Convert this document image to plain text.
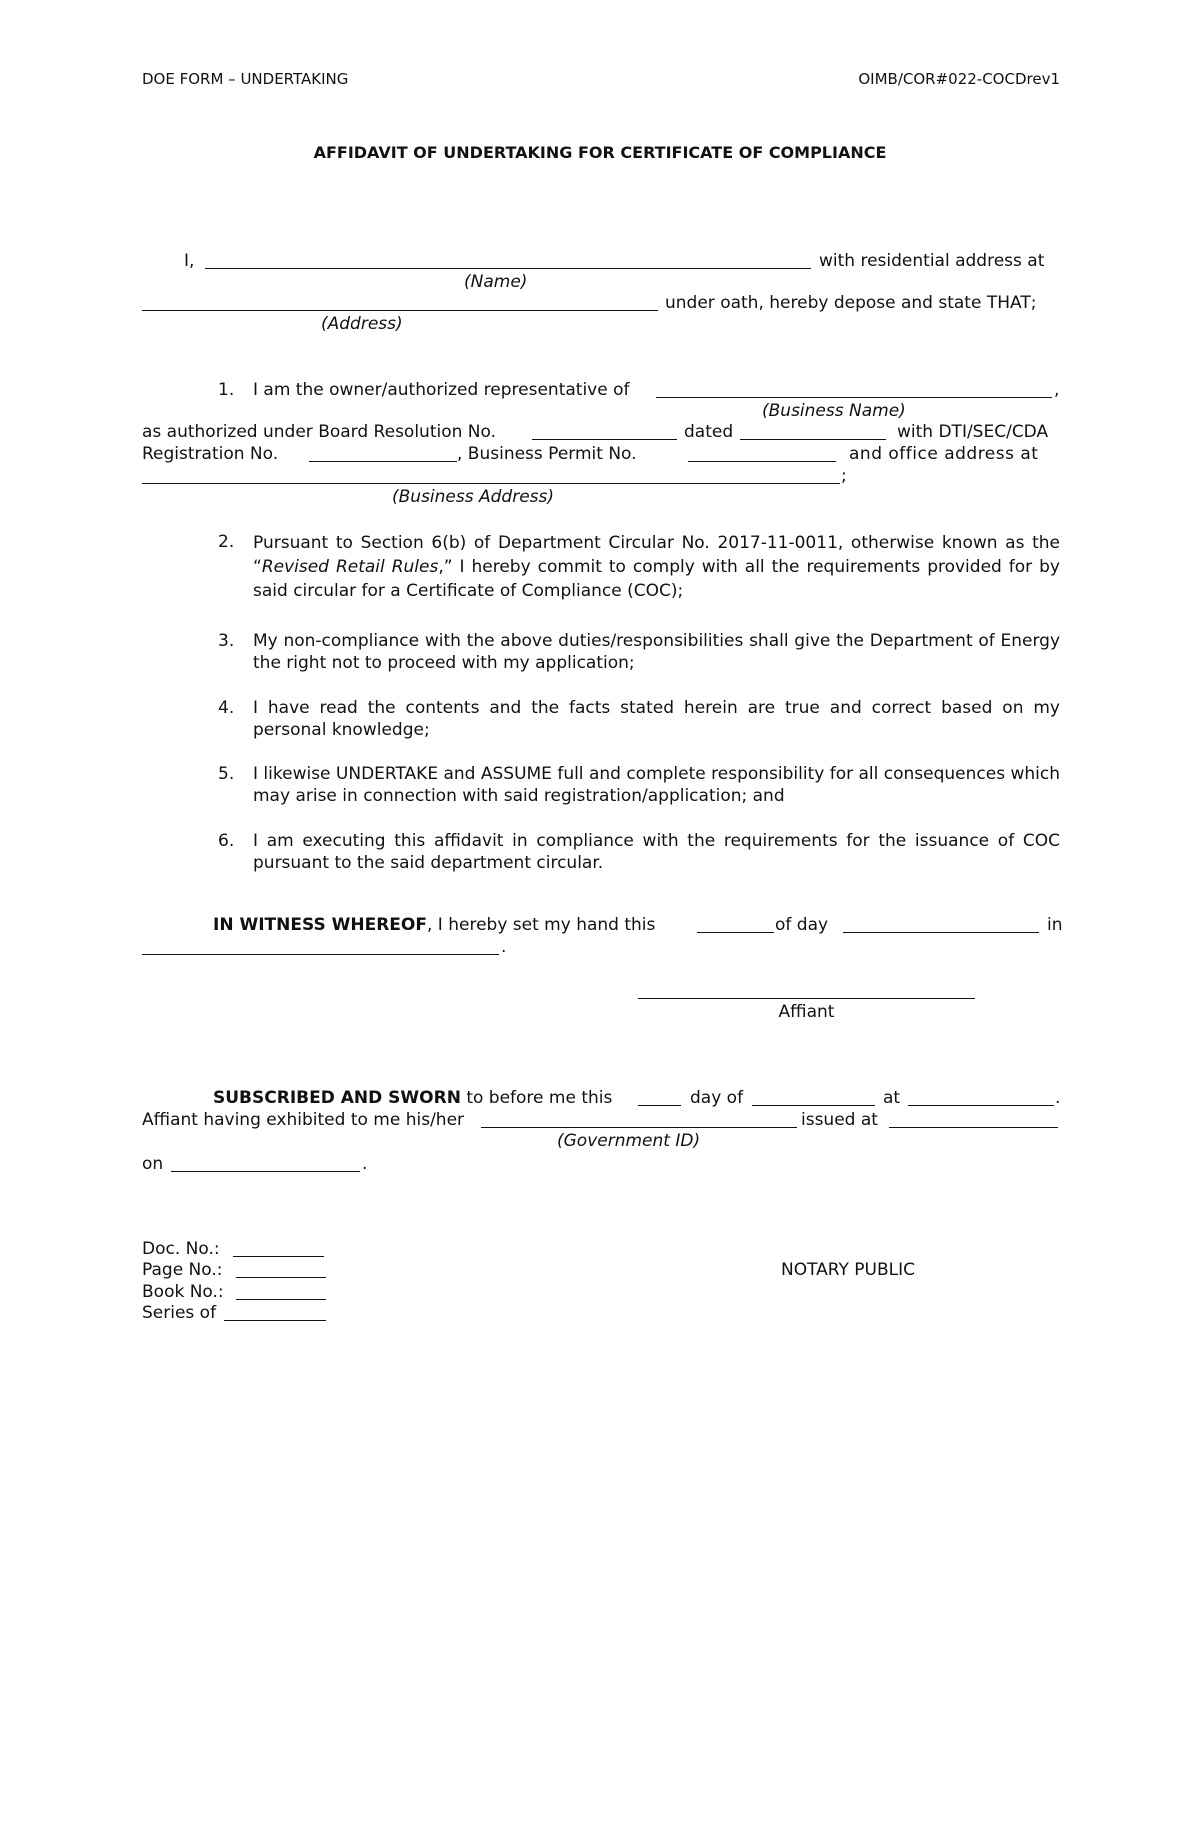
DOE FORM – UNDERTAKING	OIMB/COR#022-COCDrev1
AFFIDAVIT OF UNDERTAKING FOR CERTIFICATE OF COMPLIANCE
I,	with residential address at
(Name)
under oath, hereby depose and state THAT;
(Address)
1. I am the owner/authorized representative of	,
(Business Name)
as authorized under Board Resolution No.	dated	with DTI/SEC/CDA
Registration No.	, Business Permit No.	and office address at
;
(Business Address)
2. Pursuant to Section 6(b) of Department Circular No. 2017-11-0011, otherwise known as the “Revised Retail Rules,” I hereby commit to comply with all the requirements provided for by said circular for a Certificate of Compliance (COC);
3. My non-compliance with the above duties/responsibilities shall give the Department of Energy the right not to proceed with my application;
4. I have read the contents and the facts stated herein are true and correct based on my personal knowledge;
5. I likewise UNDERTAKE and ASSUME full and complete responsibility for all consequences which may arise in connection with said registration/application; and
6. I am executing this affidavit in compliance with the requirements for the issuance of COC pursuant to the said department circular.
IN WITNESS WHEREOF, I hereby set my hand this	of day	in
.
Affiant
SUBSCRIBED AND SWORN to before me this	day of	at	.
Affiant having exhibited to me his/her	issued at
(Government ID)
on	.
Doc. No.:
Page No.:
Book No.:
Series of
NOTARY PUBLIC
